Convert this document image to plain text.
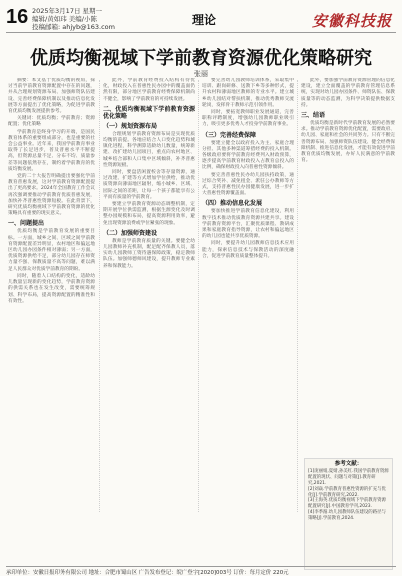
16 2025年3月17日 星期一
编辑/黄如玮 美编/小陈
投稿邮箱: ahjyb@163.com	理论	安徽科技报
优质均衡视域下学前教育资源优化策略研究
张丽

摘要：本文基于优质均衡的视角，探讨当前学前教育资源配置中存在的问题，并从合理规划资源布局、加强师资队伍建设、完善经费保障机制以及推动信息化发展等方面提出了优化策略，为促进学前教育优质均衡发展提供参考。

关键词：优质均衡；学前教育；资源配置；优化策略

学前教育是终身学习的开端，是国民教育体系的重要组成部分，也是重要的社会公益事业。近年来，我国学前教育事业取得了长足进步，普及普惠水平不断提高，但资源总量不足、分布不均、质量参差等问题依然存在，制约着学前教育的优质均衡发展。

党的二十大报告明确提出要强化学前教育普惠发展，这对学前教育资源配置提出了更高要求。2024年全国教育工作会议再次强调要推动学前教育优质普惠发展，加快补齐普惠性资源短板。在此背景下，研究优质均衡视域下学前教育资源的优化策略具有重要的现实意义。

一、问题提出

优质均衡是学前教育发展的重要目标。一方面，城乡之间、区域之间学前教育资源配置差异明显，农村地区和偏远地区幼儿园办园条件相对薄弱；另一方面，优质资源供给不足，部分幼儿园存在师资力量不强、保教质量不高等问题，难以满足人民群众对优质学前教育的期盼。

同时，随着人口结构的变化，适龄幼儿数量呈现新的变化趋势，学前教育资源的供需关系也在发生改变，需要统筹规划、科学布局，提高资源配置的精准性和有效性。

此外，学前教育经费投入结构有待优化，财政投入在普惠性民办园中的覆盖面仍然有限，部分地区学前教育经费保障机制尚不健全，影响了学前教育的可持续发展。

二、优质均衡视域下学前教育资源优化策略
（一）规划资源布局

合理规划学前教育资源布局是实现优质均衡的前提。各地应结合人口变化趋势和城镇化进程，科学测算适龄幼儿数量，统筹新建、改扩建幼儿园项目，重点向农村地区、城乡结合部和人口集中区域倾斜，补齐普惠性资源短板。

同时，要盘活闲置校舍等存量资源，通过改建、扩建等方式增加学位供给，推动优质资源向薄弱地区辐射，缩小城乡、区域、园际之间的差距，让每一个孩子都能享有公平而有质量的学前教育。

要建立学前教育资源动态调整机制，定期开展学位供需监测，根据生源变化及时调整办园规模和布局，提高资源利用效率，避免出现资源浪费或学位紧张的现象。

（二）加强师资建设

教师是学前教育质量的关键。要健全幼儿园教师补充机制，配足配齐保教人员，落实幼儿园教师工资待遇保障政策，稳定教师队伍。加强师德师风建设，提升教师专业素养和保教能力。

要完善幼儿园教师培训体系，采取集中培训、跟岗研修、送教下乡等多种形式，提升农村和薄弱地区教师的专业水平。建立城乡幼儿园结对帮扶机制，推动优秀教师交流轮岗，发挥骨干教师示范引领作用。

同时，要拓宽教师职业发展通道，完善职称评聘制度，增强幼儿园教师职业吸引力，吸引更多优秀人才投身学前教育事业。

（三）完善经费保障

要建立健全以政府投入为主、家庭合理分担、其他多种渠道筹措经费的投入机制。各级政府要将学前教育经费列入财政预算，逐步提高学前教育财政投入占教育总投入的比例，确保财政投入向普惠性资源倾斜。

要完善普惠性民办幼儿园扶持政策，通过综合奖补、减免租金、派驻公办教师等方式，支持普惠性民办园健康发展，进一步扩大普惠性资源覆盖面。

（四）推动信息化发展

要加快推进学前教育信息化建设，利用数字技术推动优质教育资源共建共享。建设学前教育资源平台，汇聚优质课程、教研成果和家庭教育指导资源，让农村和偏远地区的幼儿园也能共享优质资源。

同时，要提升幼儿园教师信息技术应用能力，探索信息技术与保教活动的深度融合，促进学前教育质量整体提升。

此外，要加强学前教育资源管理的信息化建设，建立全面覆盖的学前教育管理信息系统，实现对幼儿园办园条件、师资队伍、保教质量等的动态监测，为科学决策提供数据支持。

三、结语

优质均衡是新时代学前教育发展的必然要求。推动学前教育资源优化配置，需要政府、幼儿园、家庭和社会的共同努力。只有不断完善资源布局、加强师资队伍建设、健全经费保障机制、推进信息化发展，才能有效促进学前教育优质均衡发展，办好人民满意的学前教育。

参考文献：

[1]庞丽娟,夏婧,孙美红.我国学前教育资源配置的现状、问题与对策[J].教育研究,2021.

[2]刘焱.学前教育普惠性资源的扩充与优化[J].学前教育研究,2022.

[3]王海英.优质均衡视域下学前教育资源配置研究[J].中国教育学刊,2023.

[4]李季湄.幼儿园教师队伍建设的路径与策略[J].学前教育,2024.

承印单位：安徽日报印务有限公司 地址：合肥市蜀山区 广告发布登记：皖广登字[2020]003号 订价：每月定价 220元
